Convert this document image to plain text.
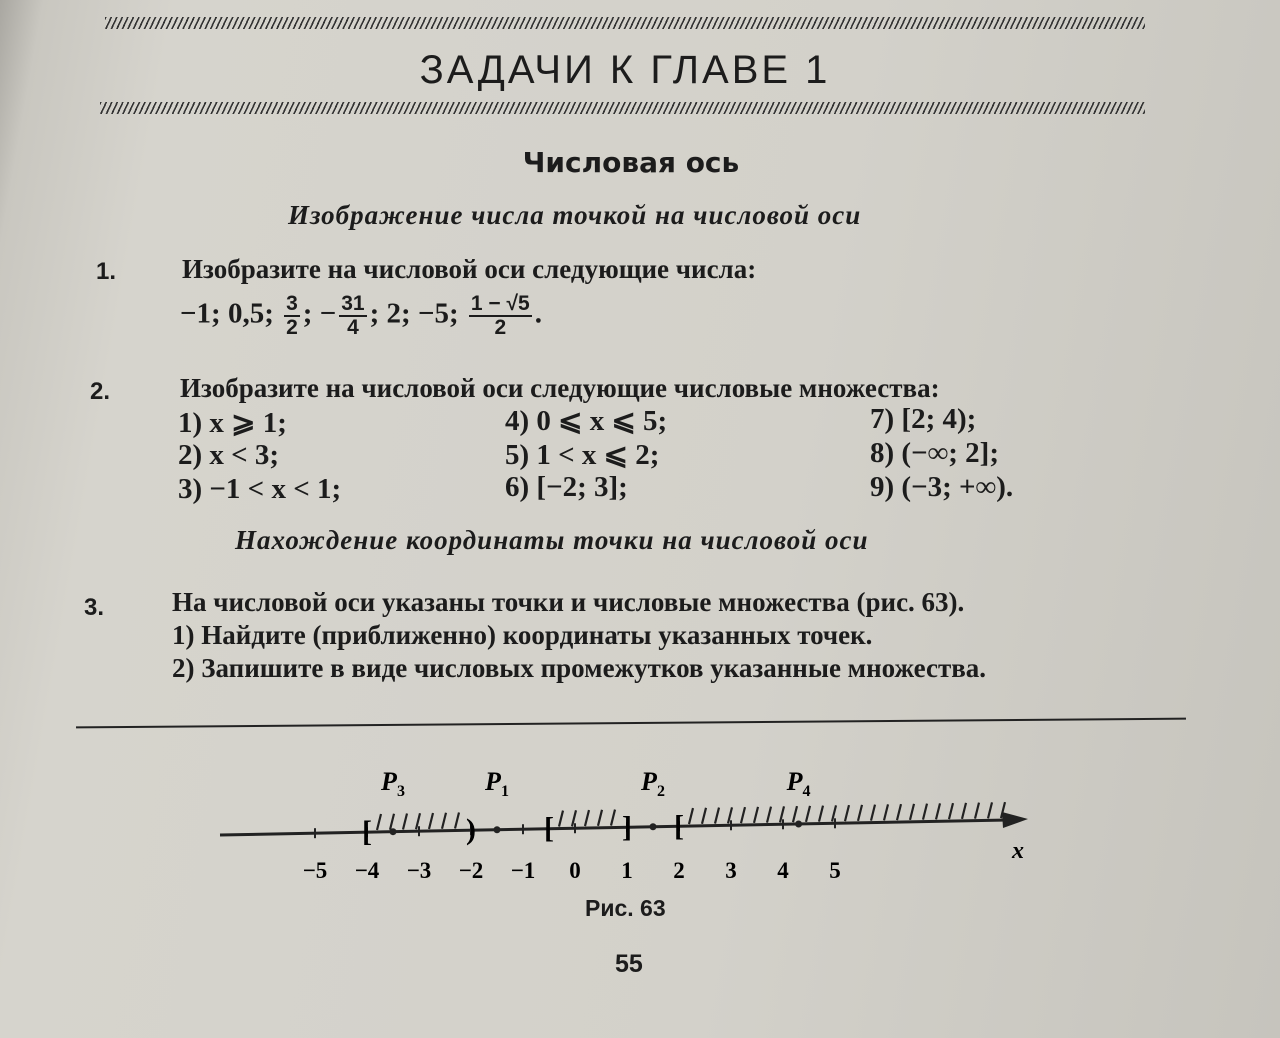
ЗАДАЧИ К ГЛАВЕ 1
Числовая ось
Изображение числа точкой на числовой оси
1. Изобразите на числовой оси следующие числа:
−1; 0,5; $\frac{3}{2}$ ; − $\frac{31}{4}$ ; 2; −5; $\frac{1 - √5}{2}$ .
2.	Изобразите на числовой оси следующие числовые множества:
1) x ⩾ 1;
2) x < 3;
3) −1 < x < 1;
4) 0 ⩽ x ⩽ 5;
5) 1 < x ⩽ 2;
6) [−2; 3];
7) [2; 4);
8) (−∞; 2];
9) (−3; +∞).
Нахождение координаты точки на числовой оси
3.	На числовой оси указаны точки и числовые множества (рис. 63).
1) Найдите (приближенно) координаты указанных точек.
2) Запишите в виде числовых промежутков указанные множества.
[	) [ ] [
−5 −4 −3 −2 −1 0 1 2 3 4 5
$P_3$	$P_1$	$P_2$	$P_4$
x
Рис. 63
55
